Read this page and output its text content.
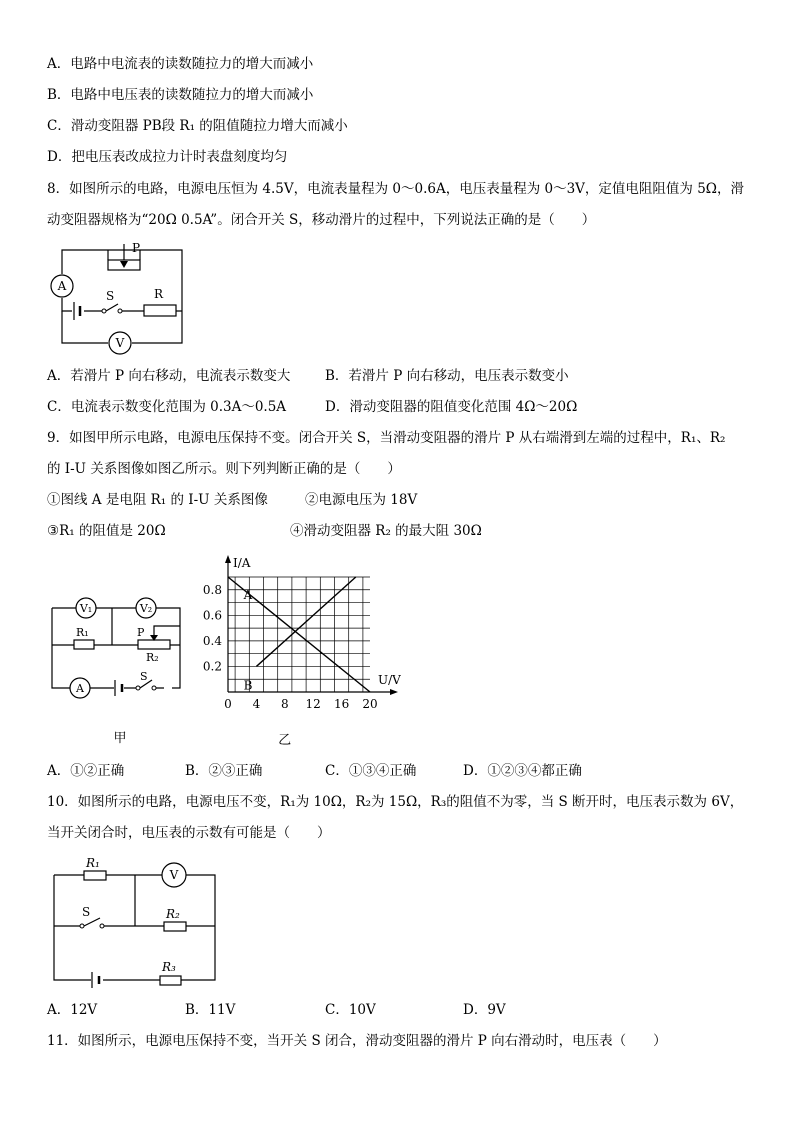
A．电路中电流表的读数随拉力的增大而减小
B．电路中电压表的读数随拉力的增大而减小
C．滑动变阻器 PB段 R₁ 的阻值随拉力增大而减小
D．把电压表改成拉力计时表盘刻度均匀
8．如图所示的电路，电源电压恒为 4.5V，电流表量程为 0～0.6A，电压表量程为 0～3V，定值电阻阻值为 5Ω，滑
动变阻器规格为“20Ω 0.5A”。闭合开关 S，移动滑片的过程中，下列说法正确的是（　　）
P
A
S	R
V
A．若滑片 P 向右移动，电流表示数变大	B．若滑片 P 向右移动，电压表示数变小
C．电流表示数变化范围为 0.3A～0.5A	D．滑动变阻器的阻值变化范围 4Ω～20Ω
9．如图甲所示电路，电源电压保持不变。闭合开关 S，当滑动变阻器的滑片 P 从右端滑到左端的过程中，R₁、R₂
的 I-U 关系图像如图乙所示。则下列判断正确的是（　　）
①图线 A 是电阻 R₁ 的 I-U 关系图像	②电源电压为 18V
③R₁ 的阻值是 20Ω	④滑动变阻器 R₂ 的最大阻 30Ω
V₁	V₂
R₁	P
R₂
A
S
甲
I/A
U/V
0 4 8 12 16 20
0.2
0.4
0.6
0.8 A
B
乙
A．①②正确	B．②③正确	C．①③④正确	D．①②③④都正确
10．如图所示的电路，电源电压不变，R₁为 10Ω，R₂为 15Ω，R₃的阻值不为零，当 S 断开时，电压表示数为 6V，
当开关闭合时，电压表的示数有可能是（　　）
R₁
V
S	R₂
R₃
A．12V	B．11V	C．10V	D．9V
11．如图所示，电源电压保持不变，当开关 S 闭合，滑动变阻器的滑片 P 向右滑动时，电压表（　　）
